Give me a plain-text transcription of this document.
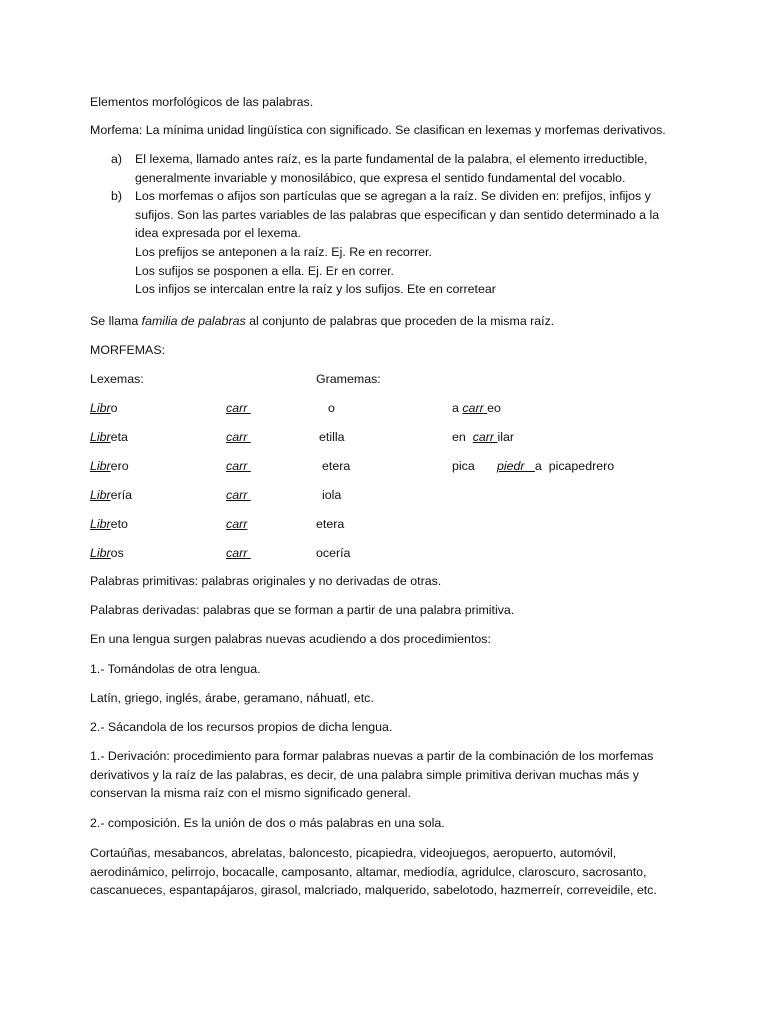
Elementos morfológicos de las palabras.
Morfema: La mínima unidad lingüística con significado. Se clasifican en lexemas y morfemas derivativos.
a) El lexema, llamado antes raíz, es la parte fundamental de la palabra, el elemento irreductible, generalmente invariable y monosilábico, que expresa el sentido fundamental del vocablo.
b) Los morfemas o afijos son partículas que se agregan a la raíz. Se dividen en: prefijos, infijos y sufijos. Son las partes variables de las palabras que especifican y dan sentido determinado a la idea expresada por el lexema.
Los prefijos se anteponen a la raíz. Ej. Re en recorrer.
Los sufijos se posponen a ella. Ej. Er en correr.
Los infijos se intercalan entre la raíz y los sufijos. Ete en corretear
Se llama familia de palabras al conjunto de palabras que proceden de la misma raíz.
MORFEMAS:
Lexemas:	Gramemas:
Libro	carr	o	a carr eo
Libreta	carr	etilla	en carr ilar
Librero	carr	etera	pica piedr a picapedrero
Librería	carr	iola
Libreto	carr	etera
Libros	carr	ocería
Palabras primitivas: palabras originales y no derivadas de otras.
Palabras derivadas: palabras que se forman a partir de una palabra primitiva.
En una lengua surgen palabras nuevas acudiendo a dos procedimientos:
1.- Tomándolas de otra lengua.
Latín, griego, inglés, árabe, geramano, náhuatl, etc.
2.- Sácandola de los recursos propios de dicha lengua.
1.- Derivación: procedimiento para formar palabras nuevas a partir de la combinación de los morfemas derivativos y la raíz de las palabras, es decir, de una palabra simple primitiva derivan muchas más y conservan la misma raíz con el mismo significado general.
2.- composición. Es la unión de dos o más palabras en una sola.
Cortaúñas, mesabancos, abrelatas, baloncesto, picapiedra, videojuegos, aeropuerto, automóvil, aerodinámico, pelirrojo, bocacalle, camposanto, altamar, mediodía, agridulce, claroscuro, sacrosanto, cascanueces, espantapájaros, girasol, malcriado, malquerido, sabelotodo, hazmerreír, correveidile, etc.
